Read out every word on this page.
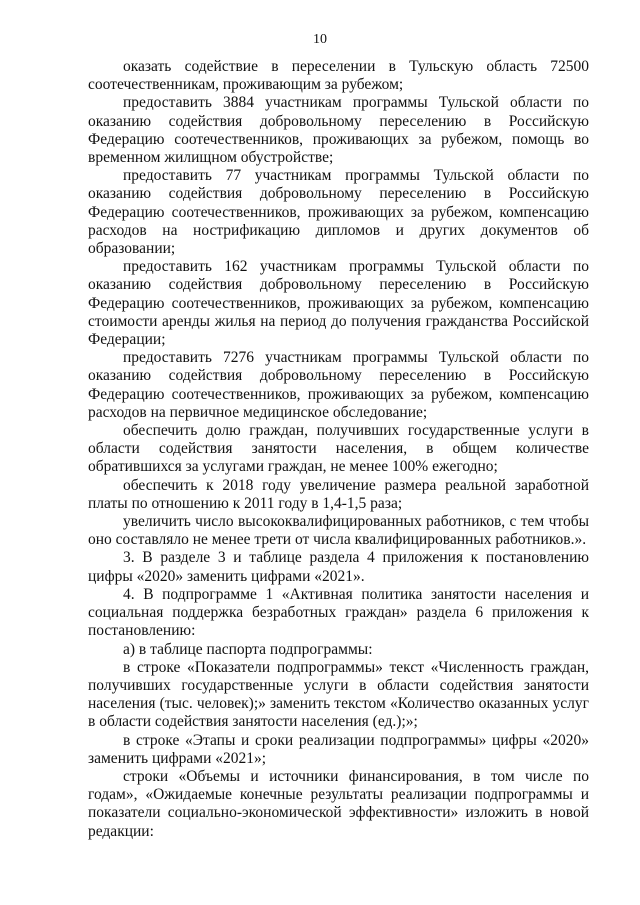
10

оказать содействие в переселении в Тульскую область 72500 соотечественникам, проживающим за рубежом;

предоставить 3884 участникам программы Тульской области по оказанию содействия добровольному переселению в Российскую Федерацию соотечественников, проживающих за рубежом, помощь во временном жилищном обустройстве;

предоставить 77 участникам программы Тульской области по оказанию содействия добровольному переселению в Российскую Федерацию соотечественников, проживающих за рубежом, компенсацию расходов на нострификацию дипломов и других документов об образовании;

предоставить 162 участникам программы Тульской области по оказанию содействия добровольному переселению в Российскую Федерацию соотечественников, проживающих за рубежом, компенсацию стоимости аренды жилья на период до получения гражданства Российской Федерации;

предоставить 7276 участникам программы Тульской области по оказанию содействия добровольному переселению в Российскую Федерацию соотечественников, проживающих за рубежом, компенсацию расходов на первичное медицинское обследование;

обеспечить долю граждан, получивших государственные услуги в области содействия занятости населения, в общем количестве обратившихся за услугами граждан, не менее 100% ежегодно;

обеспечить к 2018 году увеличение размера реальной заработной платы по отношению к 2011 году в 1,4-1,5 раза;

увеличить число высококвалифицированных работников, с тем чтобы оно составляло не менее трети от числа квалифицированных работников.».

3. В разделе 3 и таблице раздела 4 приложения к постановлению цифры «2020» заменить цифрами «2021».

4. В подпрограмме 1 «Активная политика занятости населения и социальная поддержка безработных граждан» раздела 6 приложения к постановлению:

а) в таблице паспорта подпрограммы:

в строке «Показатели подпрограммы» текст «Численность граждан, получивших государственные услуги в области содействия занятости населения (тыс. человек);» заменить текстом «Количество оказанных услуг в области содействия занятости населения (ед.);»;

в строке «Этапы и сроки реализации подпрограммы» цифры «2020» заменить цифрами «2021»;

строки «Объемы и источники финансирования, в том числе по годам», «Ожидаемые конечные результаты реализации подпрограммы и показатели социально-экономической эффективности» изложить в новой редакции:
